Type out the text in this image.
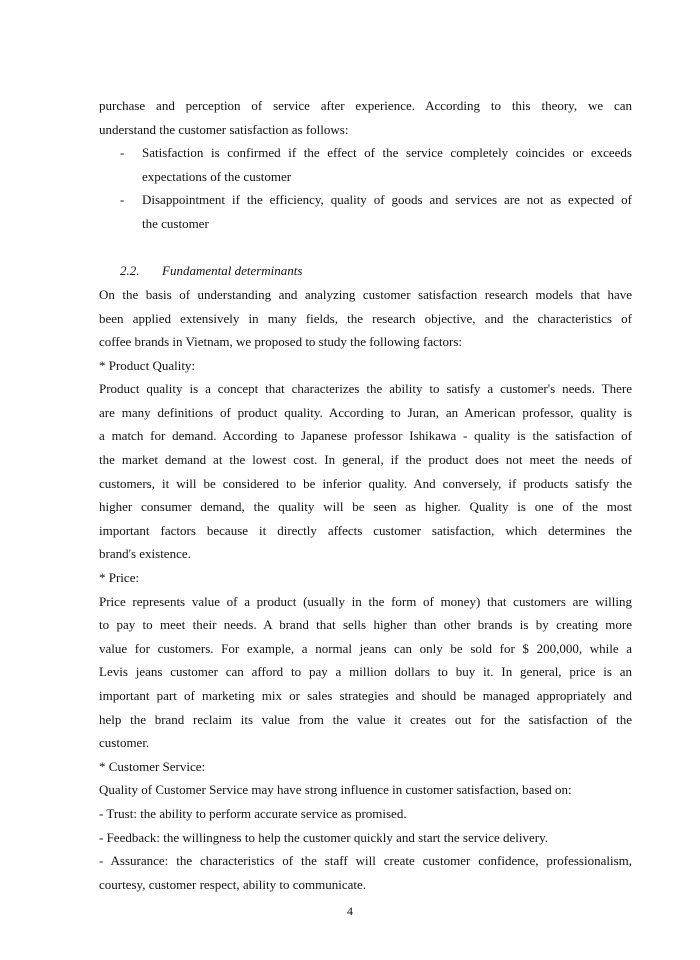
purchase and perception of service after experience. According to this theory, we can
understand the customer satisfaction as follows:
- Satisfaction is confirmed if the effect of the service completely coincides or exceeds
expectations of the customer
- Disappointment if the efficiency, quality of goods and services are not as expected of
the customer
2.2. Fundamental determinants
On the basis of understanding and analyzing customer satisfaction research models that have
been applied extensively in many fields, the research objective, and the characteristics of
coffee brands in Vietnam, we proposed to study the following factors:
* Product Quality:
Product quality is a concept that characterizes the ability to satisfy a customer's needs. There
are many definitions of product quality. According to Juran, an American professor, quality is
a match for demand. According to Japanese professor Ishikawa - quality is the satisfaction of
the market demand at the lowest cost. In general, if the product does not meet the needs of
customers, it will be considered to be inferior quality. And conversely, if products satisfy the
higher consumer demand, the quality will be seen as higher. Quality is one of the most
important factors because it directly affects customer satisfaction, which determines the
brand's existence.
* Price:
Price represents value of a product (usually in the form of money) that customers are willing
to pay to meet their needs. A brand that sells higher than other brands is by creating more
value for customers. For example, a normal jeans can only be sold for $ 200,000, while a
Levis jeans customer can afford to pay a million dollars to buy it. In general, price is an
important part of marketing mix or sales strategies and should be managed appropriately and
help the brand reclaim its value from the value it creates out for the satisfaction of the
customer.
* Customer Service:
Quality of Customer Service may have strong influence in customer satisfaction, based on:
- Trust: the ability to perform accurate service as promised.
- Feedback: the willingness to help the customer quickly and start the service delivery.
- Assurance: the characteristics of the staff will create customer confidence, professionalism,
courtesy, customer respect, ability to communicate.
4
